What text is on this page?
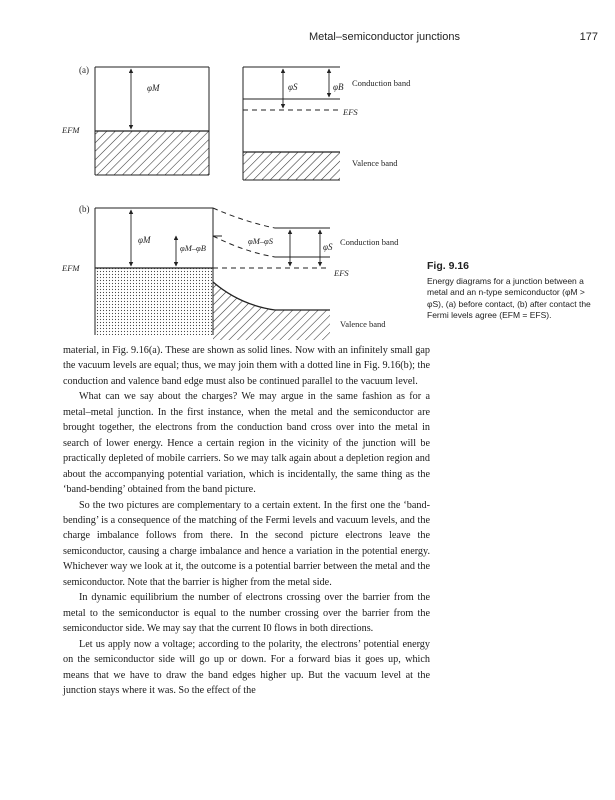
Metal–semiconductor junctions	177
(a)
φM
EFM
φS	φB Conduction band
EFS
Valence band
(b)
φM
φM–φB
EFM
φM–φS
φS Conduction band
EFS
Valence band
Fig. 9.16
Energy diagrams for a junction between a metal and an n-type semiconductor (φM > φS), (a) before contact, (b) after contact the Fermi levels agree (EFM = EFS).

material, in Fig. 9.16(a). These are shown as solid lines. Now with an infinitely small gap the vacuum levels are equal; thus, we may join them with a dotted line in Fig. 9.16(b); the conduction and valence band edge must also be continued parallel to the vacuum level.

What can we say about the charges? We may argue in the same fashion as for a metal–metal junction. In the first instance, when the metal and the semiconductor are brought together, the electrons from the conduction band cross over into the metal in search of lower energy. Hence a certain region in the vicinity of the junction will be practically depleted of mobile carriers. So we may talk again about a depletion region and about the accompanying potential variation, which is incidentally, the same thing as the ‘band-bending’ obtained from the band picture.

So the two pictures are complementary to a certain extent. In the first one the ‘band-bending’ is a consequence of the matching of the Fermi levels and vacuum levels, and the charge imbalance follows from there. In the second picture electrons leave the semiconductor, causing a charge imbalance and hence a variation in the potential energy. Whichever way we look at it, the outcome is a potential barrier between the metal and the semiconductor. Note that the barrier is higher from the metal side.

In dynamic equilibrium the number of electrons crossing over the barrier from the metal to the semiconductor is equal to the number crossing over the barrier from the semiconductor side. We may say that the current I0 flows in both directions.

Let us apply now a voltage; according to the polarity, the electrons’ potential energy on the semiconductor side will go up or down. For a forward bias it goes up, which means that we have to draw the band edges higher up. But the vacuum level at the junction stays where it was. So the effect of the
